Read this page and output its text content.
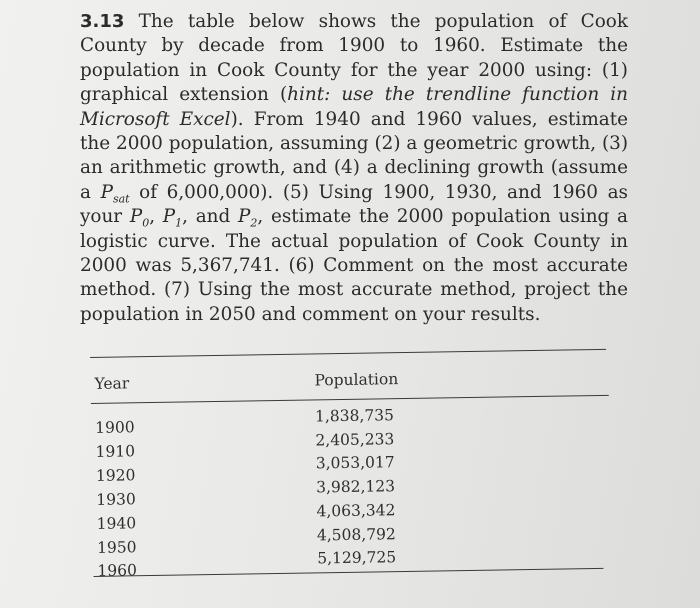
3.13 The table below shows the population of Cook County by decade from 1900 to 1960. Estimate the population in Cook County for the year 2000 using: (1) graphical extension (hint: use the trendline function in Microsoft Excel). From 1940 and 1960 values, estimate the 2000 population, assuming (2) a geometric growth, (3) an arithmetic growth, and (4) a declining growth (assume a $P_{sat}$ of 6,000,000). (5) Using 1900, 1930, and 1960 as your $P_0$, $P_1$, and $P_2$, estimate the 2000 population using a logistic curve. The actual population of Cook County in 2000 was 5,367,741. (6) Comment on the most accurate method. (7) Using the most accurate method, project the population in 2050 and comment on your results.

Year	Population
1900
1,838,735
1910
2,405,233
1920
3,053,017
1930
3,982,123
1940
4,063,342
1950
4,508,792
1960
5,129,725
